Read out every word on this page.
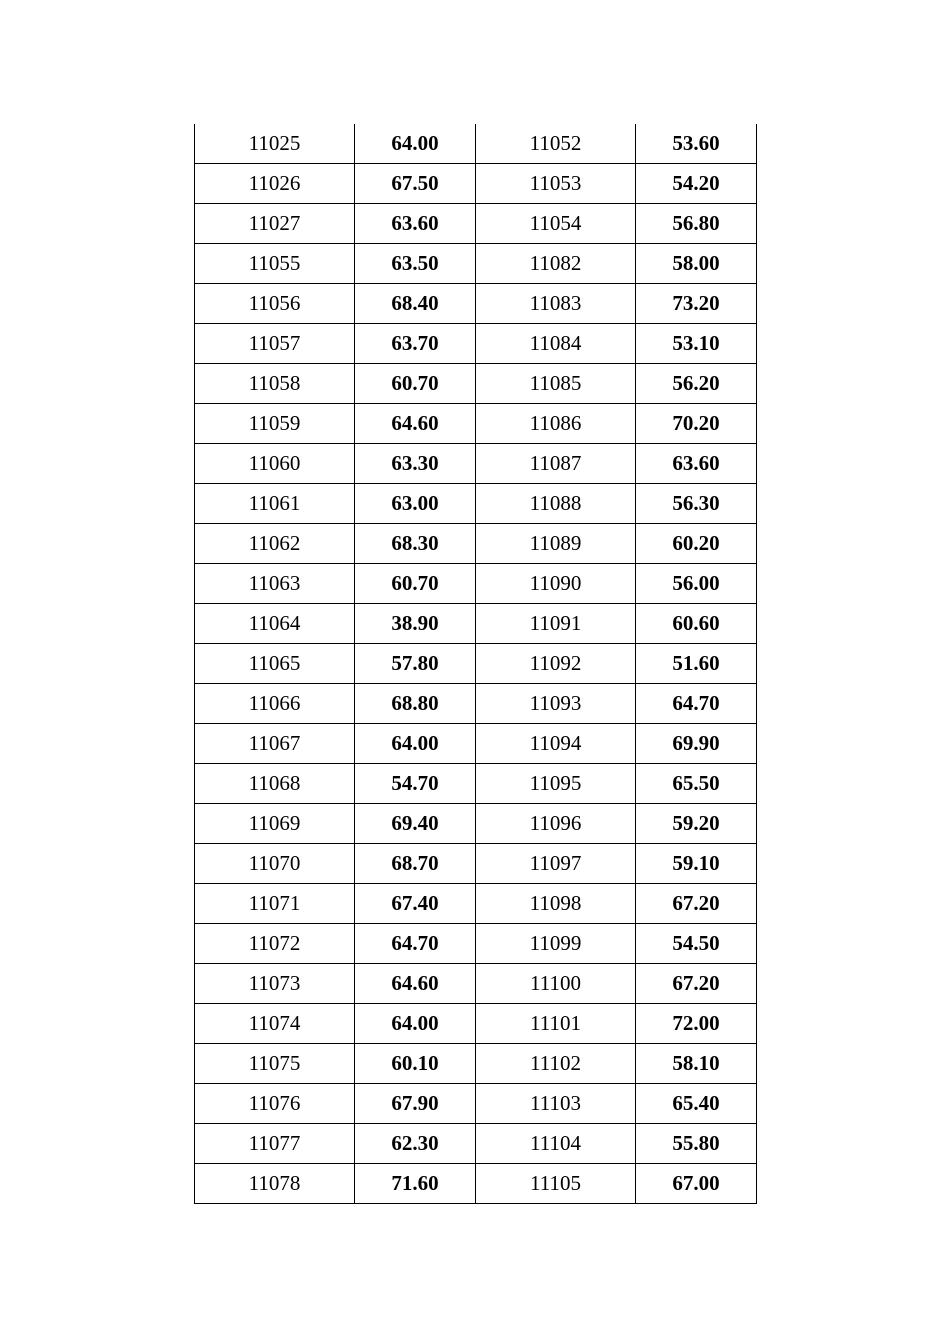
11025	64.00	11052	53.60
11026	67.50	11053	54.20
11027	63.60	11054	56.80
11055	63.50	11082	58.00
11056	68.40	11083	73.20
11057	63.70	11084	53.10
11058	60.70	11085	56.20
11059	64.60	11086	70.20
11060	63.30	11087	63.60
11061	63.00	11088	56.30
11062	68.30	11089	60.20
11063	60.70	11090	56.00
11064	38.90	11091	60.60
11065	57.80	11092	51.60
11066	68.80	11093	64.70
11067	64.00	11094	69.90
11068	54.70	11095	65.50
11069	69.40	11096	59.20
11070	68.70	11097	59.10
11071	67.40	11098	67.20
11072	64.70	11099	54.50
11073	64.60	11100	67.20
11074	64.00	11101	72.00
11075	60.10	11102	58.10
11076	67.90	11103	65.40
11077	62.30	11104	55.80
11078	71.60	11105	67.00
